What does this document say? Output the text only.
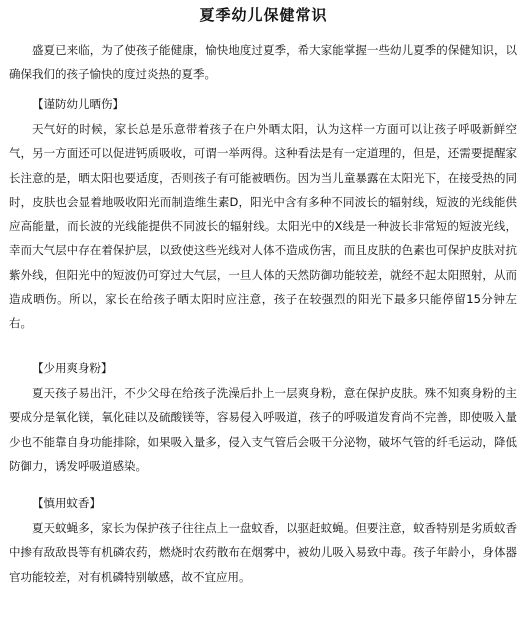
夏季幼儿保健常识

盛夏已来临，为了使孩子能健康，愉快地度过夏季，希大家能掌握一些幼儿夏季的保健知识，以确保我们的孩子愉快的度过炎热的夏季。

【谨防幼儿晒伤】

天气好的时候，家长总是乐意带着孩子在户外晒太阳，认为这样一方面可以让孩子呼吸新鲜空气，另一方面还可以促进钙质吸收，可谓一举两得。这种看法是有一定道理的，但是，还需要提醒家长注意的是，晒太阳也要适度，否则孩子有可能被晒伤。因为当儿童暴露在太阳光下，在接受热的同时，皮肤也会显着地吸收阳光而制造维生素D，阳光中含有多种不同波长的辐射线，短波的光线能供应高能量，而长波的光线能提供不同波长的辐射线。太阳光中的X线是一种波长非常短的短波光线，幸而大气层中存在着保护层，以致使这些光线对人体不造成伤害，而且皮肤的色素也可保护皮肤对抗紫外线，但阳光中的短波仍可穿过大气层，一旦人体的天然防御功能较差，就经不起太阳照射，从而造成晒伤。所以，家长在给孩子晒太阳时应注意，孩子在较强烈的阳光下最多只能停留15分钟左右。

【少用爽身粉】

夏天孩子易出汗，不少父母在给孩子洗澡后扑上一层爽身粉，意在保护皮肤。殊不知爽身粉的主要成分是氧化镁，氧化硅以及硫酸镁等，容易侵入呼吸道，孩子的呼吸道发育尚不完善，即使吸入量少也不能靠自身功能排除，如果吸入量多，侵入支气管后会吸干分泌物，破坏气管的纤毛运动，降低防御力，诱发呼吸道感染。

【慎用蚊香】

夏天蚊蝇多，家长为保护孩子往往点上一盘蚊香，以驱赶蚊蝇。但要注意，蚊香特别是劣质蚊香中掺有敌敌畏等有机磷农药，燃烧时农药散布在烟雾中，被幼儿吸入易致中毒。孩子年龄小，身体器官功能较差，对有机磷特别敏感，故不宜应用。
